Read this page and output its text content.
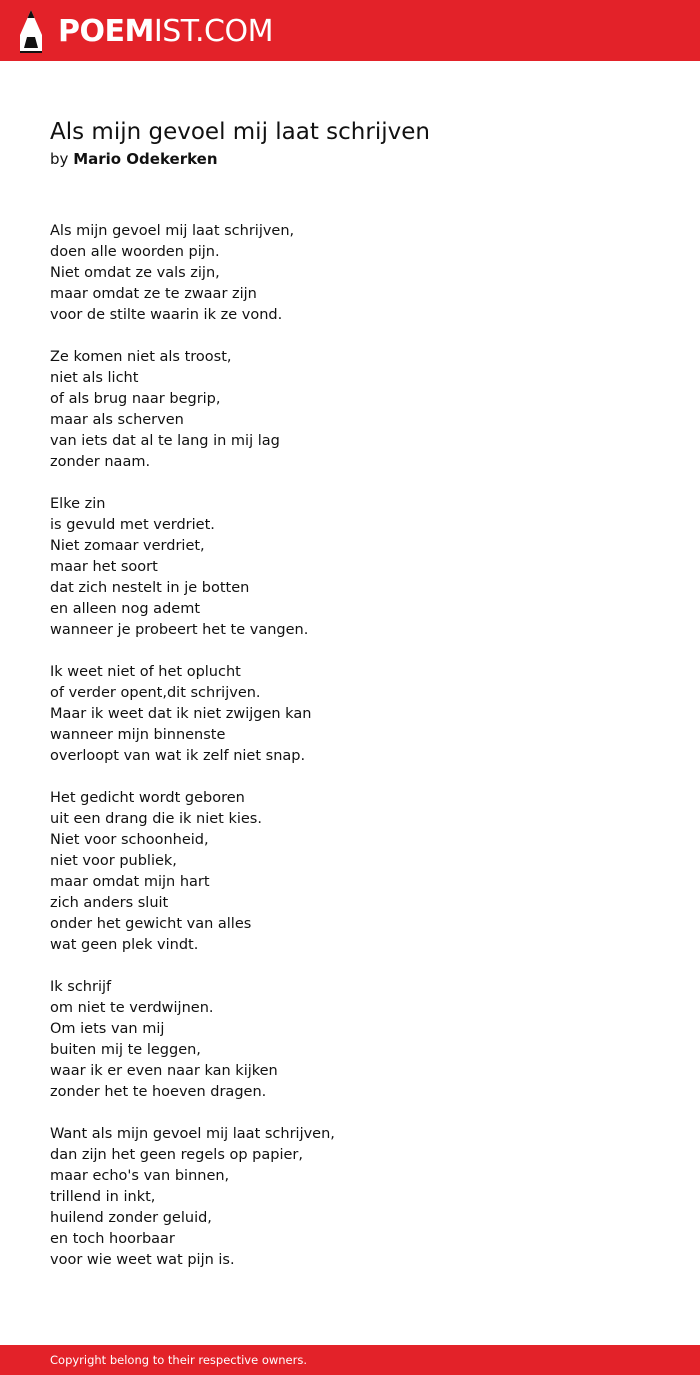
POEMIST.COM
Als mijn gevoel mij laat schrijven
by Mario Odekerken
Als mijn gevoel mij laat schrijven,
doen alle woorden pijn.
Niet omdat ze vals zijn,
maar omdat ze te zwaar zijn
voor de stilte waarin ik ze vond.
Ze komen niet als troost,
niet als licht
of als brug naar begrip,
maar als scherven
van iets dat al te lang in mij lag
zonder naam.
Elke zin
is gevuld met verdriet.
Niet zomaar verdriet,
maar het soort
dat zich nestelt in je botten
en alleen nog ademt
wanneer je probeert het te vangen.
Ik weet niet of het oplucht
of verder opent,dit schrijven.
Maar ik weet dat ik niet zwijgen kan
wanneer mijn binnenste
overloopt van wat ik zelf niet snap.
Het gedicht wordt geboren
uit een drang die ik niet kies.
Niet voor schoonheid,
niet voor publiek,
maar omdat mijn hart
zich anders sluit
onder het gewicht van alles
wat geen plek vindt.
Ik schrijf
om niet te verdwijnen.
Om iets van mij
buiten mij te leggen,
waar ik er even naar kan kijken
zonder het te hoeven dragen.
Want als mijn gevoel mij laat schrijven,
dan zijn het geen regels op papier,
maar echo's van binnen,
trillend in inkt,
huilend zonder geluid,
en toch hoorbaar
voor wie weet wat pijn is.
Copyright belong to their respective owners.
